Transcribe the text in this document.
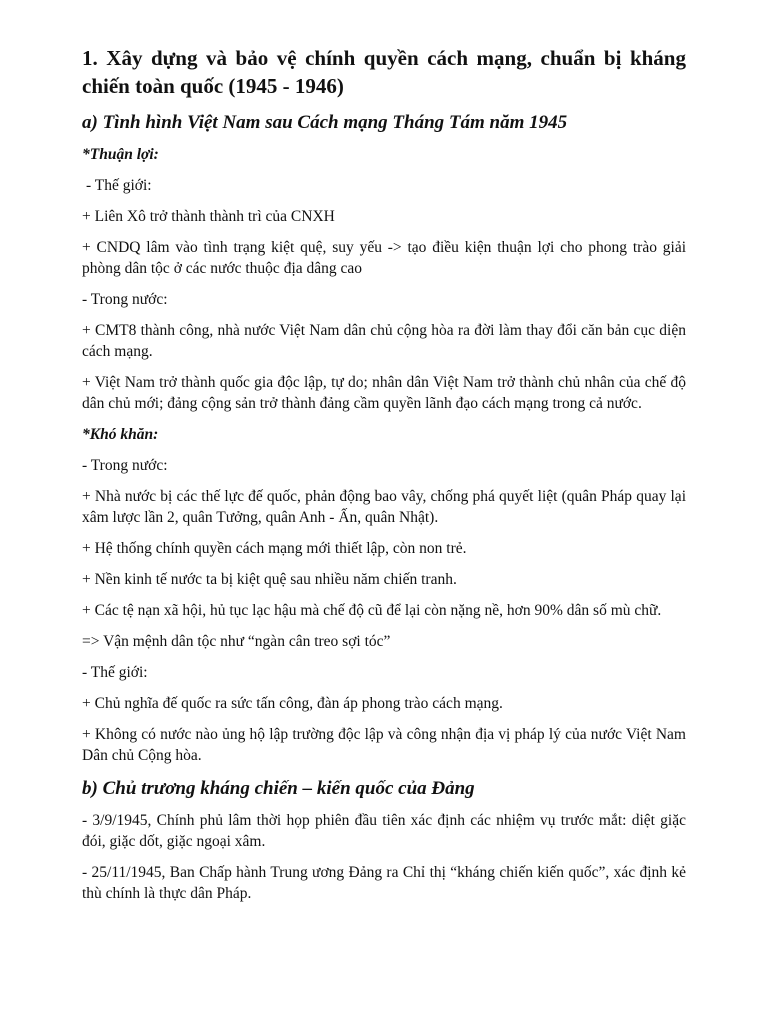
1. Xây dựng và bảo vệ chính quyền cách mạng, chuẩn bị kháng chiến toàn quốc (1945 - 1946)
a) Tình hình Việt Nam sau Cách mạng Tháng Tám năm 1945
*Thuận lợi:

- Thế giới:

+ Liên Xô trở thành thành trì của CNXH

+ CNDQ lâm vào tình trạng kiệt quệ, suy yếu -> tạo điều kiện thuận lợi cho phong trào giải phòng dân tộc ở các nước thuộc địa dâng cao

- Trong nước:

+ CMT8 thành công, nhà nước Việt Nam dân chủ cộng hòa ra đời làm thay đổi căn bản cục diện cách mạng.

+ Việt Nam trở thành quốc gia độc lập, tự do; nhân dân Việt Nam trở thành chủ nhân của chế độ dân chủ mới; đảng cộng sản trở thành đảng cầm quyền lãnh đạo cách mạng trong cả nước.

*Khó khăn:

- Trong nước:

+ Nhà nước bị các thế lực đế quốc, phản động bao vây, chống phá quyết liệt (quân Pháp quay lại xâm lược lần 2, quân Tưởng, quân Anh - Ấn, quân Nhật).

+ Hệ thống chính quyền cách mạng mới thiết lập, còn non trẻ.

+ Nền kinh tế nước ta bị kiệt quệ sau nhiều năm chiến tranh.

+ Các tệ nạn xã hội, hủ tục lạc hậu mà chế độ cũ để lại còn nặng nề, hơn 90% dân số mù chữ.

=> Vận mệnh dân tộc như “ngàn cân treo sợi tóc”

- Thế giới:

+ Chủ nghĩa đế quốc ra sức tấn công, đàn áp phong trào cách mạng.

+ Không có nước nào ủng hộ lập trường độc lập và công nhận địa vị pháp lý của nước Việt Nam Dân chủ Cộng hòa.

b) Chủ trương kháng chiến – kiến quốc của Đảng

- 3/9/1945, Chính phủ lâm thời họp phiên đầu tiên xác định các nhiệm vụ trước mắt: diệt giặc đói, giặc dốt, giặc ngoại xâm.

- 25/11/1945, Ban Chấp hành Trung ương Đảng ra Chỉ thị “kháng chiến kiến quốc”, xác định kẻ thù chính là thực dân Pháp.
